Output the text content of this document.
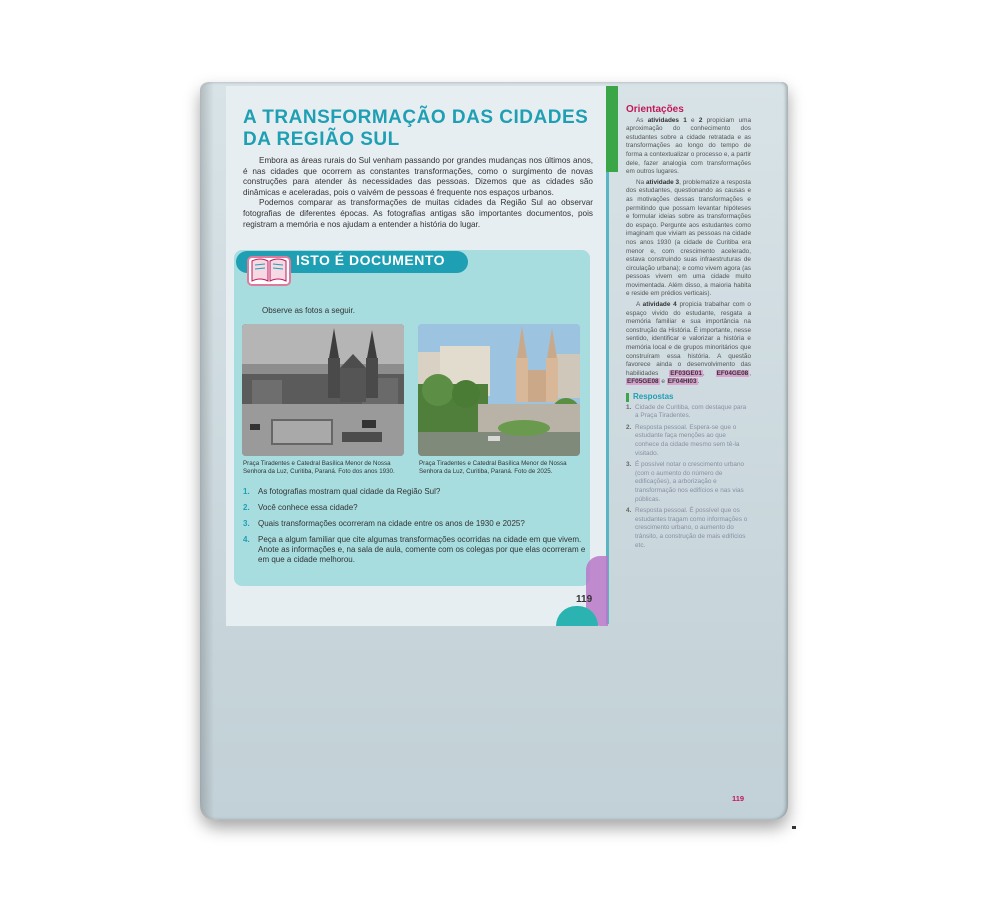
A TRANSFORMAÇÃO DAS CIDADES DA REGIÃO SUL

Embora as áreas rurais do Sul venham passando por grandes mudanças nos últimos anos, é nas cidades que ocorrem as constantes transformações, como o surgimento de novas construções para atender às necessidades das pessoas. Dizemos que as cidades são dinâmicas e aceleradas, pois o vaivém de pessoas é frequente nos espaços urbanos.

Podemos comparar as transformações de muitas cidades da Região Sul ao observar fotografias de diferentes épocas. As fotografias antigas são importantes documentos, pois registram a memória e nos ajudam a entender a história do lugar.

ISTO É DOCUMENTO
Observe as fotos a seguir.
Praça Tiradentes e Catedral Basílica Menor de Nossa Senhora da Luz, Curitiba, Paraná. Foto dos anos 1930.
Praça Tiradentes e Catedral Basílica Menor de Nossa Senhora da Luz, Curitiba, Paraná. Foto de 2025.
1. As fotografias mostram qual cidade da Região Sul?
2. Você conhece essa cidade?
3. Quais transformações ocorreram na cidade entre os anos de 1930 e 2025?
4. Peça a algum familiar que cite algumas transformações ocorridas na cidade em que vivem. Anote as informações e, na sala de aula, comente com os colegas por que elas ocorreram e em que a cidade melhorou.
119
Orientações

As atividades 1 e 2 propiciam uma aproximação do conhecimento dos estudantes sobre a cidade retratada e as transformações ao longo do tempo de forma a contextualizar o processo e, a partir dele, fazer analogia com transformações em outros lugares.

Na atividade 3, problematize a resposta dos estudantes, questionando as causas e as motivações dessas transformações e permitindo que possam levantar hipóteses e formular ideias sobre as transformações do espaço. Pergunte aos estudantes como imaginam que viviam as pessoas na cidade nos anos 1930 (a cidade de Curitiba era menor e, com crescimento acelerado, estava construindo suas infraestruturas de circulação urbana); e como vivem agora (as pessoas vivem em uma cidade muito movimentada. Além disso, a maioria habita e reside em prédios verticais).

A atividade 4 propicia trabalhar com o espaço vivido do estudante, resgata a memória familiar e sua importância na construção da História. É importante, nesse sentido, identificar e valorizar a história e memória local e de grupos minoritários que construíram essa história. A questão favorece ainda o desenvolvimento das habilidades EF03GE01, EF04GE08, EF05GE08 e EF04HI03.

Respostas
1. Cidade de Curitiba, com destaque para a Praça Tiradentes.
2. Resposta pessoal. Espera-se que o estudante faça menções ao que conhece da cidade mesmo sem tê-la visitado.
3. É possível notar o crescimento urbano (com o aumento do número de edificações), a arborização e transformação nos edifícios e nas vias públicas.
4. Resposta pessoal. É possível que os estudantes tragam como informações o crescimento urbano, o aumento do trânsito, a construção de mais edifícios etc.
119
